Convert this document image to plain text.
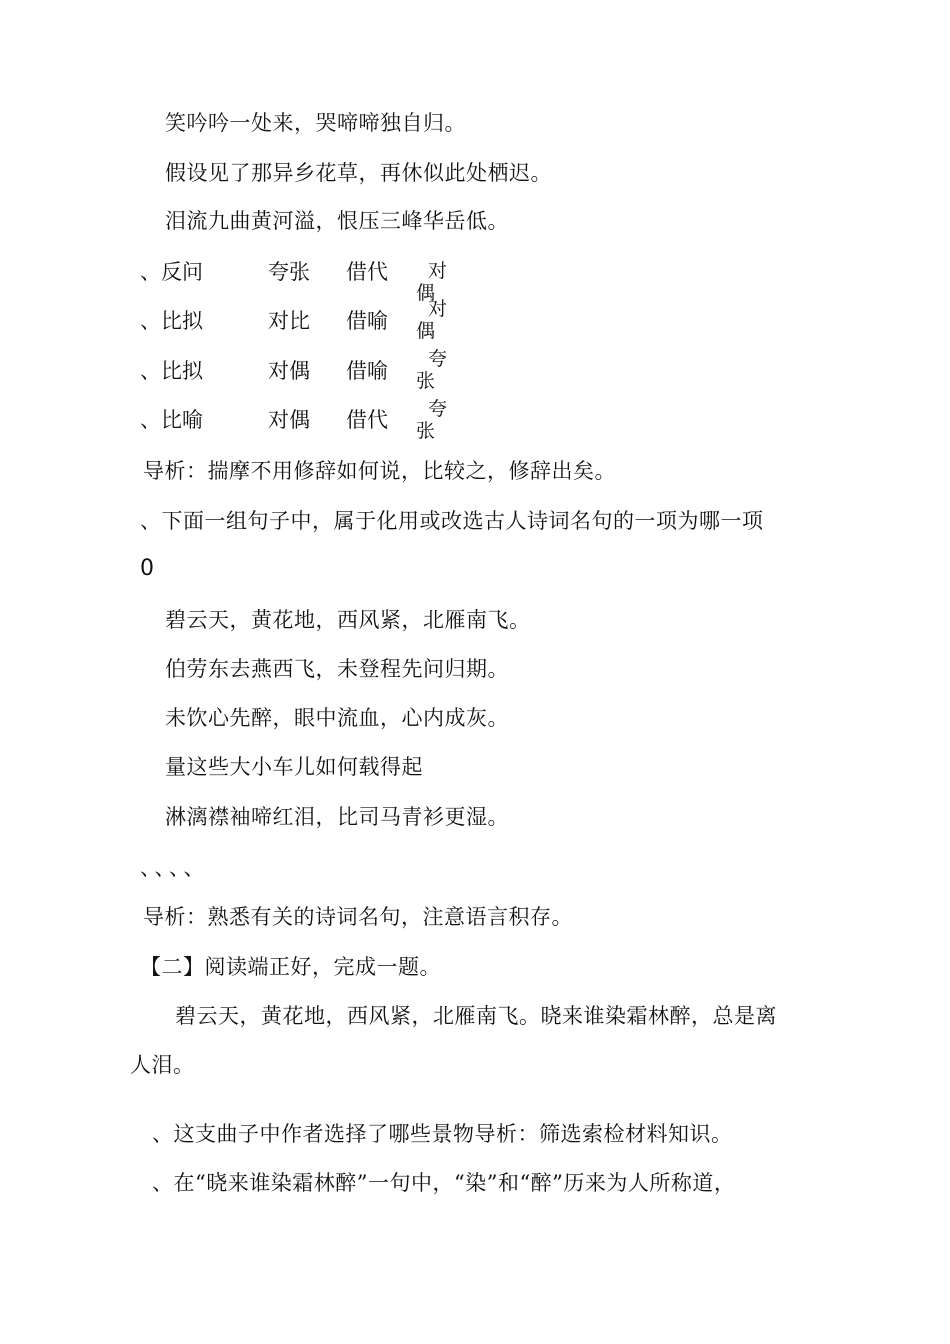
笑吟吟一处来，哭啼啼独自归。
假设见了那异乡花草，再休似此处栖迟。
泪流九曲黄河溢，恨压三峰华岳低。
、反问	夸张 借代	对
偶
、比拟	对比 借喻	对
偶
、比拟	对偶 借喻	夸
张
、比喻	对偶 借代	夸
张
导析：揣摩不用修辞如何说，比较之，修辞出矣。
、下面一组句子中，属于化用或改选古人诗词名句的一项为哪一项
0
碧云天，黄花地，西风紧，北雁南飞。
伯劳东去燕西飞，未登程先问归期。
未饮心先醉，眼中流血，心内成灰。
量这些大小车儿如何载得起
淋漓襟袖啼红泪，比司马青衫更湿。
、、、、
导析：熟悉有关的诗词名句，注意语言积存。
【二】阅读端正好，完成一题。
碧云天，黄花地，西风紧，北雁南飞。晓来谁染霜林醉，总是离
人泪。
、这支曲子中作者选择了哪些景物导析：筛选索检材料知识。
、在“晓来谁染霜林醉”一句中，“染”和“醉”历来为人所称道，
